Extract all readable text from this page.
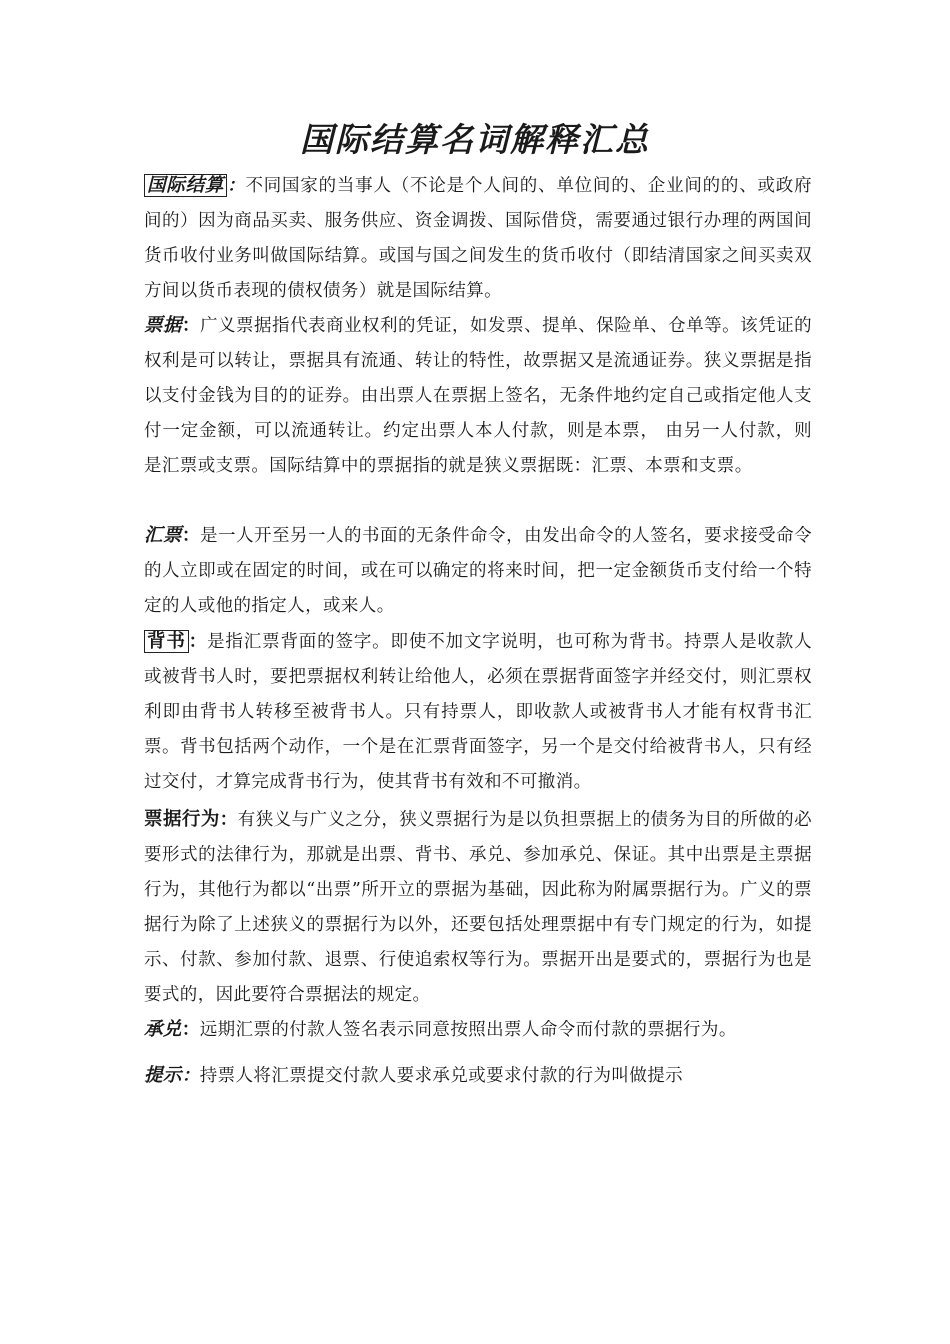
国际结算名词解释汇总

国际结算 ：不同国家的当事人（不论是个人间的、单位间的、企业间的的、或政府间的）因为商品买卖、服务供应、资金调拨、国际借贷，需要通过银行办理的两国间货币收付业务叫做国际结算。或国与国之间发生的货币收付（即结清国家之间买卖双方间以货币表现的债权债务）就是国际结算。

票据：广义票据指代表商业权利的凭证，如发票、提单、保险单、仓单等。该凭证的权利是可以转让，票据具有流通、转让的特性，故票据又是流通证券。狭义票据是指以支付金钱为目的的证券。由出票人在票据上签名，无条件地约定自己或指定他人支付一定金额，可以流通转让。约定出票人本人付款，则是本票， 由另一人付款，则是汇票或支票。国际结算中的票据指的就是狭义票据既：汇票、本票和支票。

汇票：是一人开至另一人的书面的无条件命令，由发出命令的人签名，要求接受命令的人立即或在固定的时间，或在可以确定的将来时间，把一定金额货币支付给一个特定的人或他的指定人，或来人。

背书 ：是指汇票背面的签字。即使不加文字说明，也可称为背书。持票人是收款人或被背书人时，要把票据权利转让给他人，必须在票据背面签字并经交付，则汇票权利即由背书人转移至被背书人。只有持票人，即收款人或被背书人才能有权背书汇票。背书包括两个动作，一个是在汇票背面签字，另一个是交付给被背书人，只有经过交付，才算完成背书行为，使其背书有效和不可撤消。

票据行为：有狭义与广义之分，狭义票据行为是以负担票据上的债务为目的所做的必要形式的法律行为，那就是出票、背书、承兑、参加承兑、保证。其中出票是主票据行为，其他行为都以“出票”所开立的票据为基础，因此称为附属票据行为。广义的票据行为除了上述狭义的票据行为以外，还要包括处理票据中有专门规定的行为，如提示、付款、参加付款、退票、行使追索权等行为。票据开出是要式的，票据行为也是要式的，因此要符合票据法的规定。

承兑：远期汇票的付款人签名表示同意按照出票人命令而付款的票据行为。

提示：持票人将汇票提交付款人要求承兑或要求付款的行为叫做提示
